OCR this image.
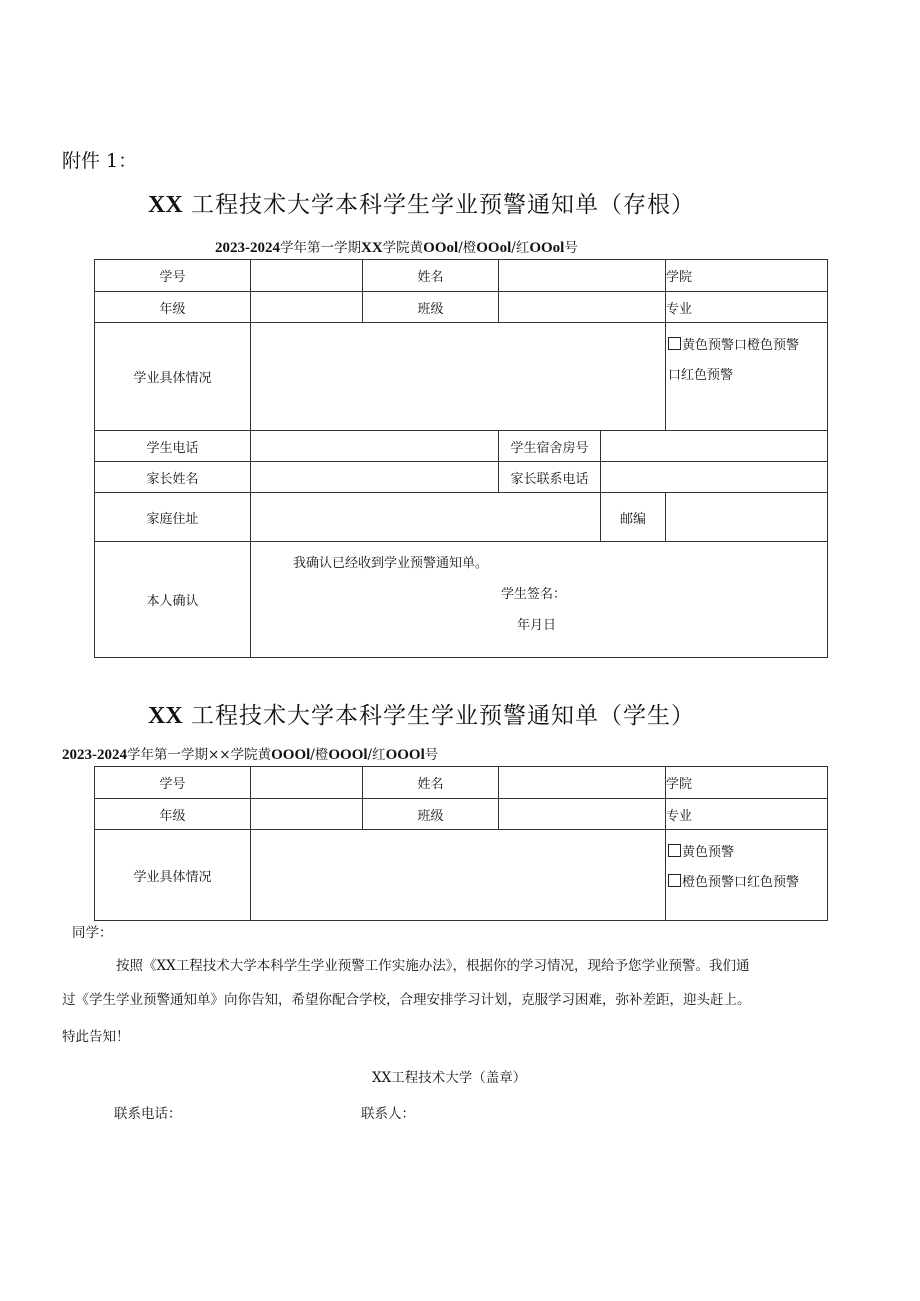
附件 1：
XX 工程技术大学本科学生学业预警通知单（存根）
2023-2024学年第一学期XX学院黄OOol/橙OOol/红OOol号
学号		姓名			学院
年级		班级			专业
学业具体情况					黄色预警口橙色预警
口红色预警

学生电话			学生宿舍房号		
家长姓名			家长联系电话		
家庭住址				邮编	
本人确认	我确认已经收到学业预警通知单。
学生签名：
年月日				
XX 工程技术大学本科学生学业预警通知单（学生）
2023-2024学年第一学期××学院黄OOOl/橙OOOl/红OOOl号
学号		姓名		学院
年级		班级		专业
学业具体情况				黄色预警
橙色预警口红色预警
同学：
按照《XX工程技术大学本科学生学业预警工作实施办法》，根据你的学习情况，现给予您学业预警。我们通
过《学生学业预警通知单》向你告知，希望你配合学校，合理安排学习计划，克服学习困难，弥补差距，迎头赶上。
特此告知！
XX工程技术大学（盖章）
联系电话：	联系人：
